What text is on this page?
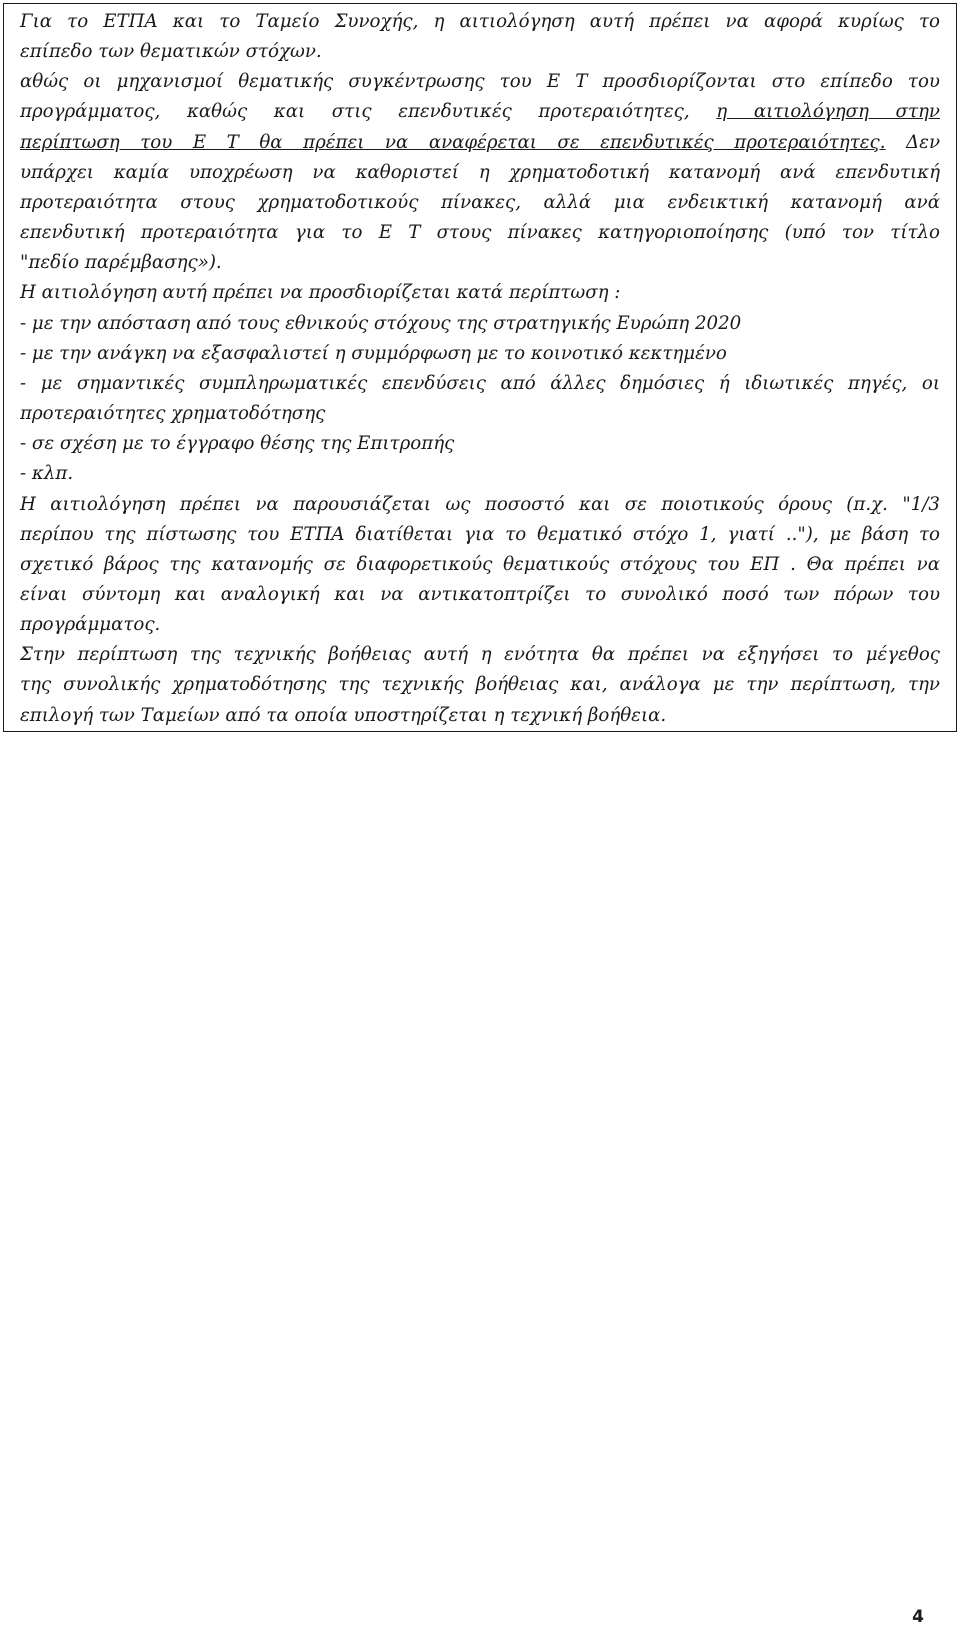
Για το ΕΤΠΑ και το Ταμείο Συνοχής, η αιτιολόγηση αυτή πρέπει να αφορά κυρίως το
επίπεδο των θεματικών στόχων.
αθώς οι μηχανισμοί θεματικής συγκέντρωσης του Ε Τ προσδιορίζονται στο επίπεδο του
προγράμματος, καθώς και στις επενδυτικές προτεραιότητες, η αιτιολόγηση στην
περίπτωση του Ε Τ θα πρέπει να αναφέρεται σε επενδυτικές προτεραιότητες. Δεν
υπάρχει καμία υποχρέωση να καθοριστεί η χρηματοδοτική κατανομή ανά επενδυτική
προτεραιότητα στους χρηματοδοτικούς πίνακες, αλλά μια ενδεικτική κατανομή ανά
επενδυτική προτεραιότητα για το Ε Τ στους πίνακες κατηγοριοποίησης (υπό τον τίτλο
"πεδίο παρέμβασης»).
Η αιτιολόγηση αυτή πρέπει να προσδιορίζεται κατά περίπτωση :
- με την απόσταση από τους εθνικούς στόχους της στρατηγικής Ευρώπη 2020
- με την ανάγκη να εξασφαλιστεί η συμμόρφωση με το κοινοτικό κεκτημένο
- με σημαντικές συμπληρωματικές επενδύσεις από άλλες δημόσιες ή ιδιωτικές πηγές, οι
προτεραιότητες χρηματοδότησης
- σε σχέση με το έγγραφο θέσης της Επιτροπής
- κλπ.
Η αιτιολόγηση πρέπει να παρουσιάζεται ως ποσοστό και σε ποιοτικούς όρους (π.χ. "1/3
περίπου της πίστωσης του ΕΤΠΑ διατίθεται για το θεματικό στόχο 1, γιατί .."), με βάση το
σχετικό βάρος της κατανομής σε διαφορετικούς θεματικούς στόχους του ΕΠ . Θα πρέπει να
είναι σύντομη και αναλογική και να αντικατοπτρίζει το συνολικό ποσό των πόρων του
προγράμματος.
Στην περίπτωση της τεχνικής βοήθειας αυτή η ενότητα θα πρέπει να εξηγήσει το μέγεθος
της συνολικής χρηματοδότησης της τεχνικής βοήθειας και, ανάλογα με την περίπτωση, την
επιλογή των Ταμείων από τα οποία υποστηρίζεται η τεχνική βοήθεια.
4
